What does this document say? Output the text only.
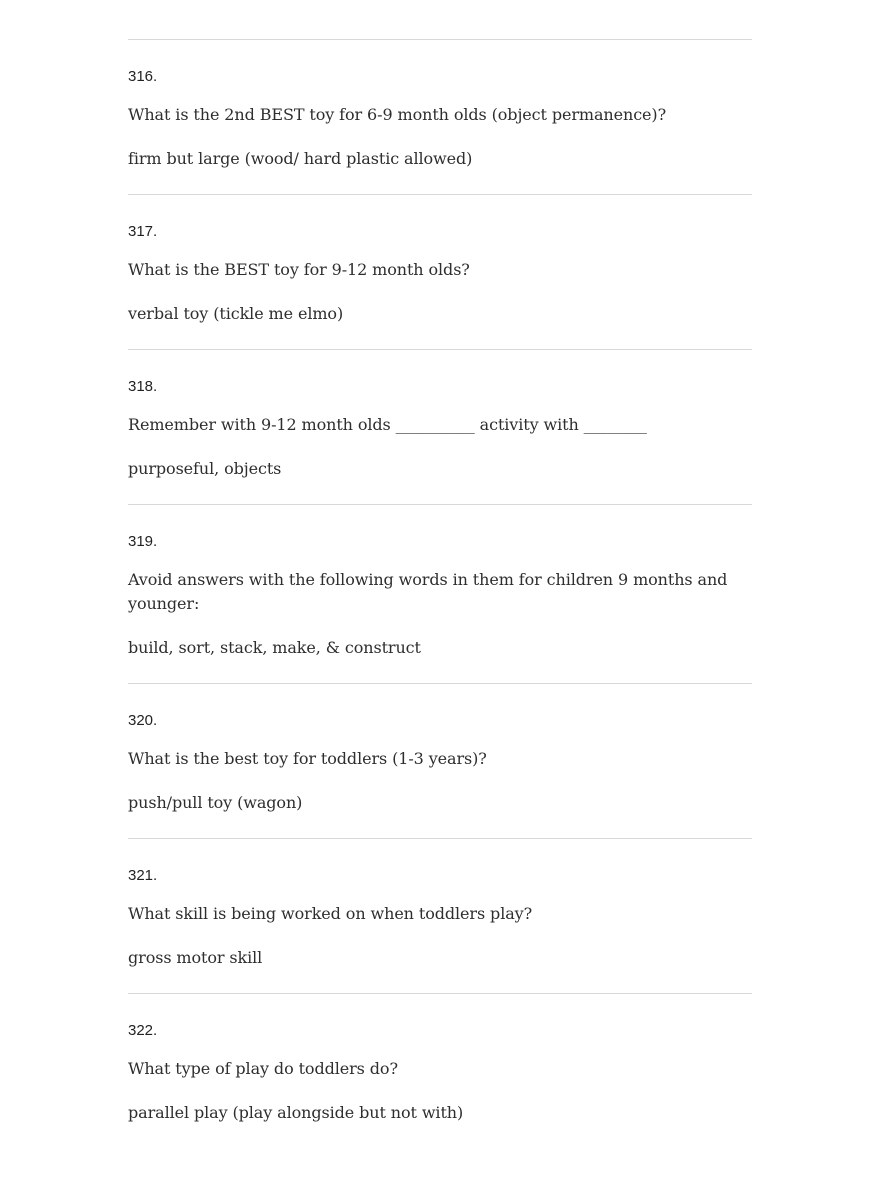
316.

What is the 2nd BEST toy for 6-9 month olds (object permanence)?

firm but large (wood/ hard plastic allowed)

317.

What is the BEST toy for 9-12 month olds?

verbal toy (tickle me elmo)

318.

Remember with 9-12 month olds __________ activity with ________

purposeful, objects

319.

Avoid answers with the following words in them for children 9 months and younger:

build, sort, stack, make, & construct

320.

What is the best toy for toddlers (1-3 years)?

push/pull toy (wagon)

321.

What skill is being worked on when toddlers play?

gross motor skill

322.

What type of play do toddlers do?

parallel play (play alongside but not with)
